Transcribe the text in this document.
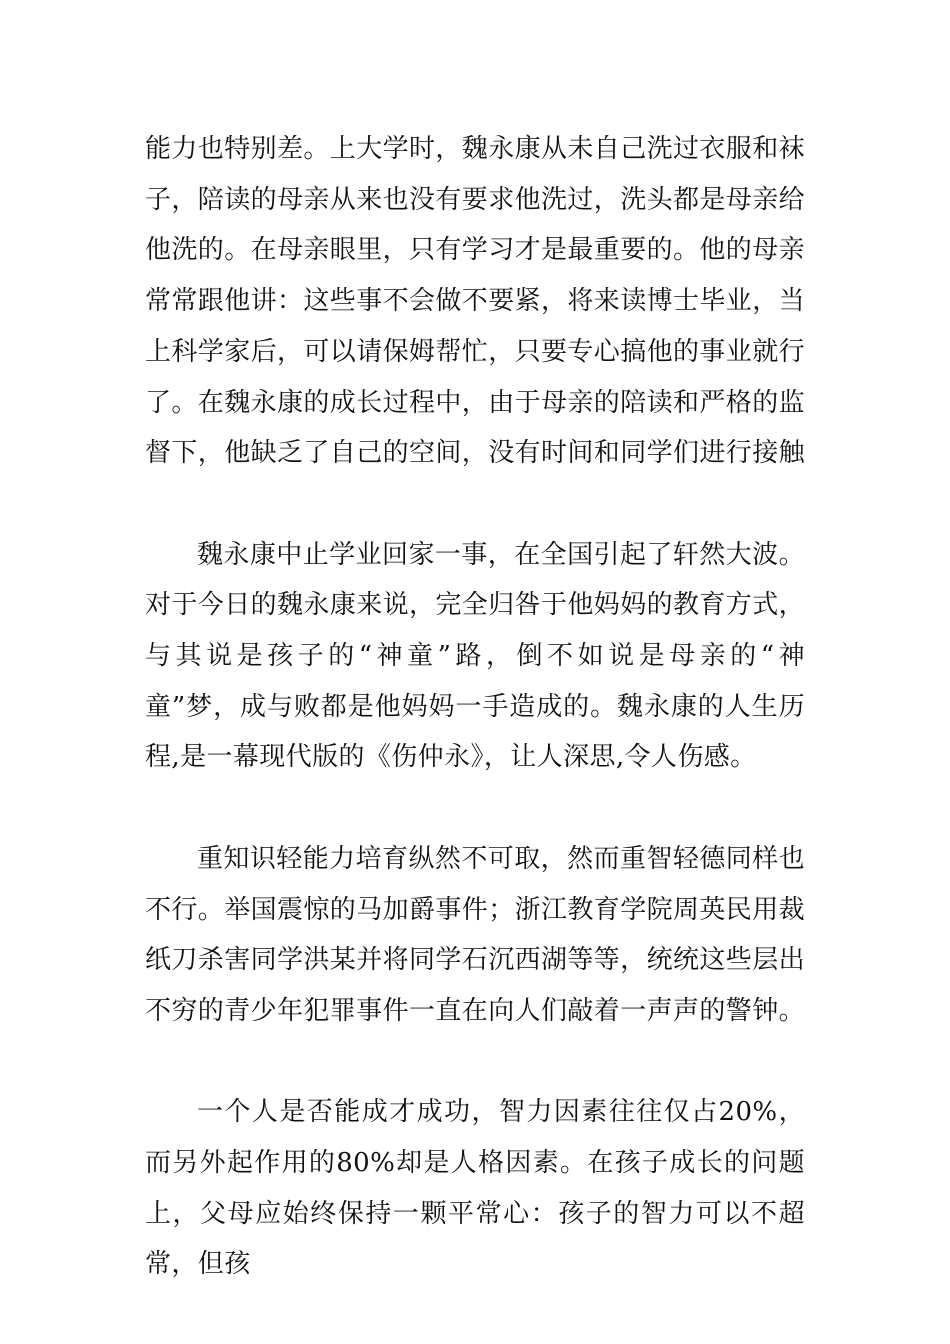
能力也特别差。上大学时，魏永康从未自己洗过衣服和袜子，陪读的母亲从来也没有要求他洗过，洗头都是母亲给他洗的。在母亲眼里，只有学习才是最重要的。他的母亲常常跟他讲：这些事不会做不要紧，将来读博士毕业，当上科学家后，可以请保姆帮忙，只要专心搞他的事业就行了。在魏永康的成长过程中，由于母亲的陪读和严格的监督下，他缺乏了自己的空间，没有时间和同学们进行接触

魏永康中止学业回家一事，在全国引起了轩然大波。对于今日的魏永康来说，完全归咎于他妈妈的教育方式，与其说是孩子的“神童”路，倒不如说是母亲的“神童”梦，成与败都是他妈妈一手造成的。魏永康的人生历程,是一幕现代版的《伤仲永》，让人深思,令人伤感。

重知识轻能力培育纵然不可取，然而重智轻德同样也不行。举国震惊的马加爵事件；浙江教育学院周英民用裁纸刀杀害同学洪某并将同学石沉西湖等等，统统这些层出不穷的青少年犯罪事件一直在向人们敲着一声声的警钟。

一个人是否能成才成功，智力因素往往仅占20%，而另外起作用的80%却是人格因素。在孩子成长的问题上，父母应始终保持一颗平常心：孩子的智力可以不超常，但孩
